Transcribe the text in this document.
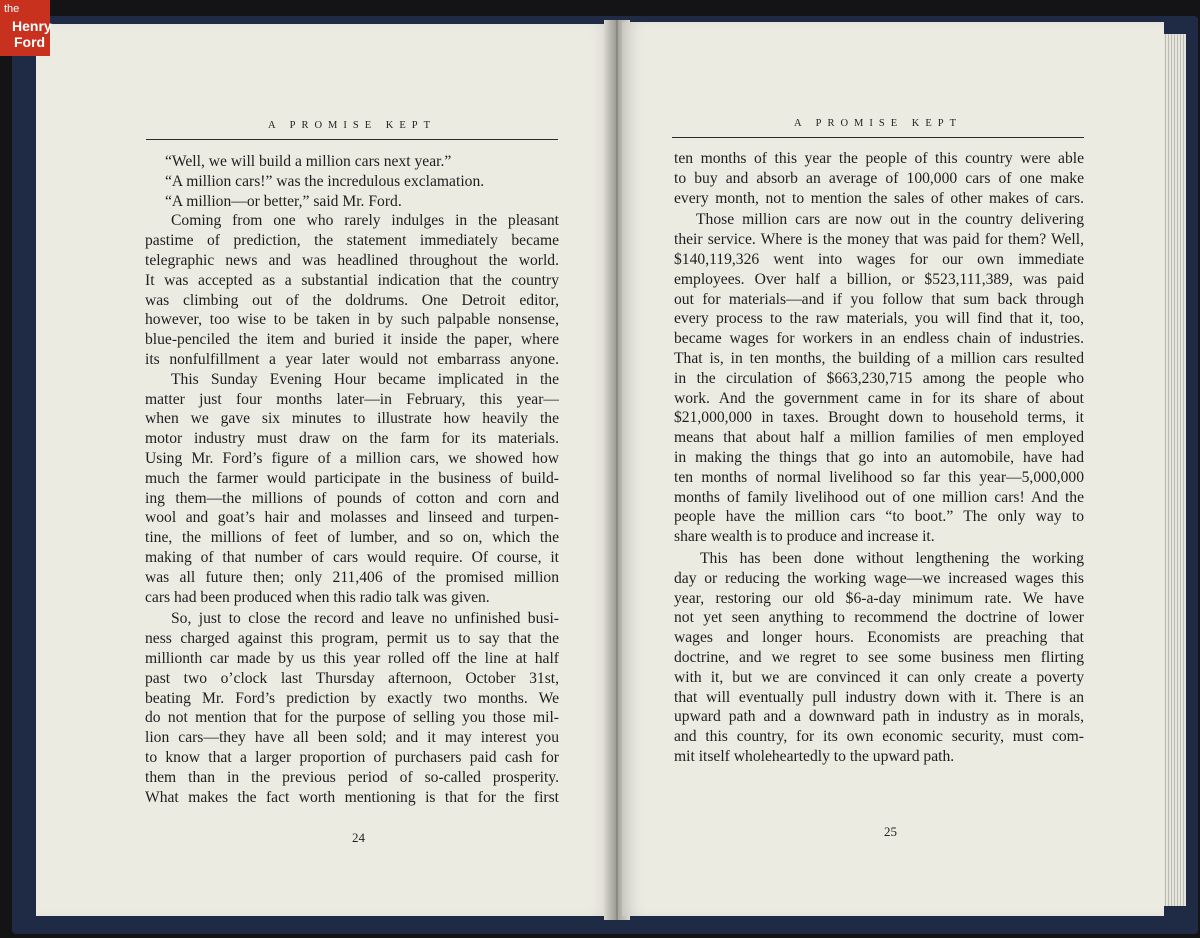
A PROMISE KEPT
“Well, we will build a million cars next year.”
“A million cars!” was the incredulous exclamation.
“A million—or better,” said Mr. Ford.
Coming from one who rarely indulges in the pleasant
pastime of prediction, the statement immediately became
telegraphic news and was headlined throughout the world.
It was accepted as a substantial indication that the country
was climbing out of the doldrums. One Detroit editor,
however, too wise to be taken in by such palpable nonsense,
blue-penciled the item and buried it inside the paper, where
its nonfulfillment a year later would not embarrass anyone.
This Sunday Evening Hour became implicated in the
matter just four months later—in February, this year—
when we gave six minutes to illustrate how heavily the
motor industry must draw on the farm for its materials.
Using Mr. Ford’s figure of a million cars, we showed how
much the farmer would participate in the business of build-
ing them—the millions of pounds of cotton and corn and
wool and goat’s hair and molasses and linseed and turpen-
tine, the millions of feet of lumber, and so on, which the
making of that number of cars would require. Of course, it
was all future then; only 211,406 of the promised million
cars had been produced when this radio talk was given.
So, just to close the record and leave no unfinished busi-
ness charged against this program, permit us to say that the
millionth car made by us this year rolled off the line at half
past two o’clock last Thursday afternoon, October 31st,
beating Mr. Ford’s prediction by exactly two months. We
do not mention that for the purpose of selling you those mil-
lion cars—they have all been sold; and it may interest you
to know that a larger proportion of purchasers paid cash for
them than in the previous period of so-called prosperity.
What makes the fact worth mentioning is that for the first
24
A PROMISE KEPT
ten months of this year the people of this country were able
to buy and absorb an average of 100,000 cars of one make
every month, not to mention the sales of other makes of cars.
Those million cars are now out in the country delivering
their service. Where is the money that was paid for them? Well,
$140,119,326 went into wages for our own immediate
employees. Over half a billion, or $523,111,389, was paid
out for materials—and if you follow that sum back through
every process to the raw materials, you will find that it, too,
became wages for workers in an endless chain of industries.
That is, in ten months, the building of a million cars resulted
in the circulation of $663,230,715 among the people who
work. And the government came in for its share of about
$21,000,000 in taxes. Brought down to household terms, it
means that about half a million families of men employed
in making the things that go into an automobile, have had
ten months of normal livelihood so far this year—5,000,000
months of family livelihood out of one million cars! And the
people have the million cars “to boot.” The only way to
share wealth is to produce and increase it.
This has been done without lengthening the working
day or reducing the working wage—we increased wages this
year, restoring our old $6-a-day minimum rate. We have
not yet seen anything to recommend the doctrine of lower
wages and longer hours. Economists are preaching that
doctrine, and we regret to see some business men flirting
with it, but we are convinced it can only create a poverty
that will eventually pull industry down with it. There is an
upward path and a downward path in industry as in morals,
and this country, for its own economic security, must com-
mit itself wholeheartedly to the upward path.
25
the
Henry
Ford
